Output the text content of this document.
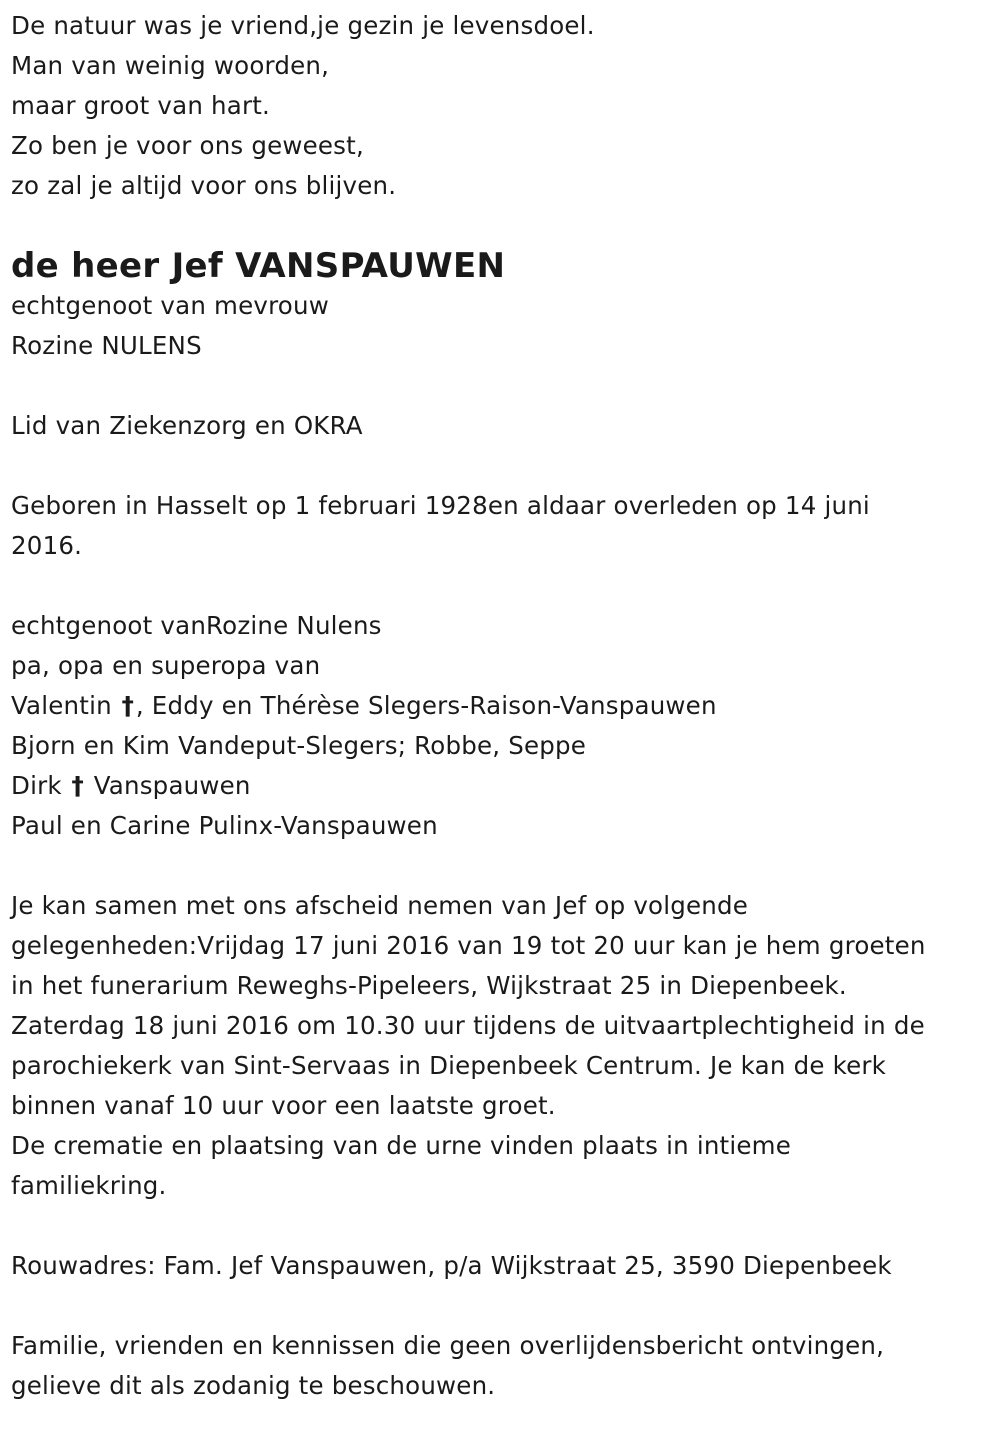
De natuur was je vriend,je gezin je levensdoel.
Man van weinig woorden,
maar groot van hart.
Zo ben je voor ons geweest,
zo zal je altijd voor ons blijven.
de heer Jef VANSPAUWEN
echtgenoot van mevrouw
Rozine NULENS
Lid van Ziekenzorg en OKRA
Geboren in Hasselt op 1 februari 1928en aldaar overleden op 14 juni
2016.
echtgenoot vanRozine Nulens
pa, opa en superopa van
Valentin †, Eddy en Thérèse Slegers-Raison-Vanspauwen
Bjorn en Kim Vandeput-Slegers; Robbe, Seppe
Dirk † Vanspauwen
Paul en Carine Pulinx-Vanspauwen
Je kan samen met ons afscheid nemen van Jef op volgende
gelegenheden:Vrijdag 17 juni 2016 van 19 tot 20 uur kan je hem groeten
in het funerarium Reweghs-Pipeleers, Wijkstraat 25 in Diepenbeek.
Zaterdag 18 juni 2016 om 10.30 uur tijdens de uitvaartplechtigheid in de
parochiekerk van Sint-Servaas in Diepenbeek Centrum. Je kan de kerk
binnen vanaf 10 uur voor een laatste groet.
De crematie en plaatsing van de urne vinden plaats in intieme
familiekring.
Rouwadres: Fam. Jef Vanspauwen, p/a Wijkstraat 25, 3590 Diepenbeek
Familie, vrienden en kennissen die geen overlijdensbericht ontvingen,
gelieve dit als zodanig te beschouwen.
